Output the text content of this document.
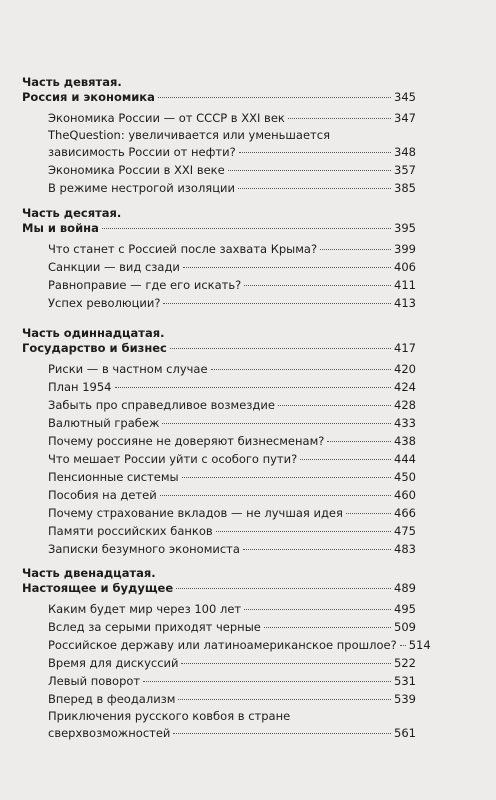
Часть девятая.
Россия и экономика	345
Экономика России — от СССР в XXI век	347
TheQuestion: увеличивается или уменьшается
зависимость России от нефти?	348
Экономика России в XXI веке	357
В режиме нестрогой изоляции	385
Часть десятая.
Мы и война	395
Что станет с Россией после захвата Крыма?	399
Санкции — вид сзади	406
Равноправие — где его искать?	411
Успех революции?	413
Часть одиннадцатая.
Государство и бизнес	417
Риски — в частном случае	420
План 1954	424
Забыть про справедливое возмездие	428
Валютный грабеж	433
Почему россияне не доверяют бизнесменам?	438
Что мешает России уйти с особого пути?	444
Пенсионные системы	450
Пособия на детей	460
Почему страхование вкладов — не лучшая идея	466
Памяти российских банков	475
Записки безумного экономиста	483
Часть двенадцатая.
Настоящее и будущее	489
Каким будет мир через 100 лет	495
Вслед за серыми приходят черные	509
Российское державу или латиноамериканское прошлое? 514
Время для дискуссий	522
Левый поворот	531
Вперед в феодализм	539
Приключения русского ковбоя в стране
сверхвозможностей	561
